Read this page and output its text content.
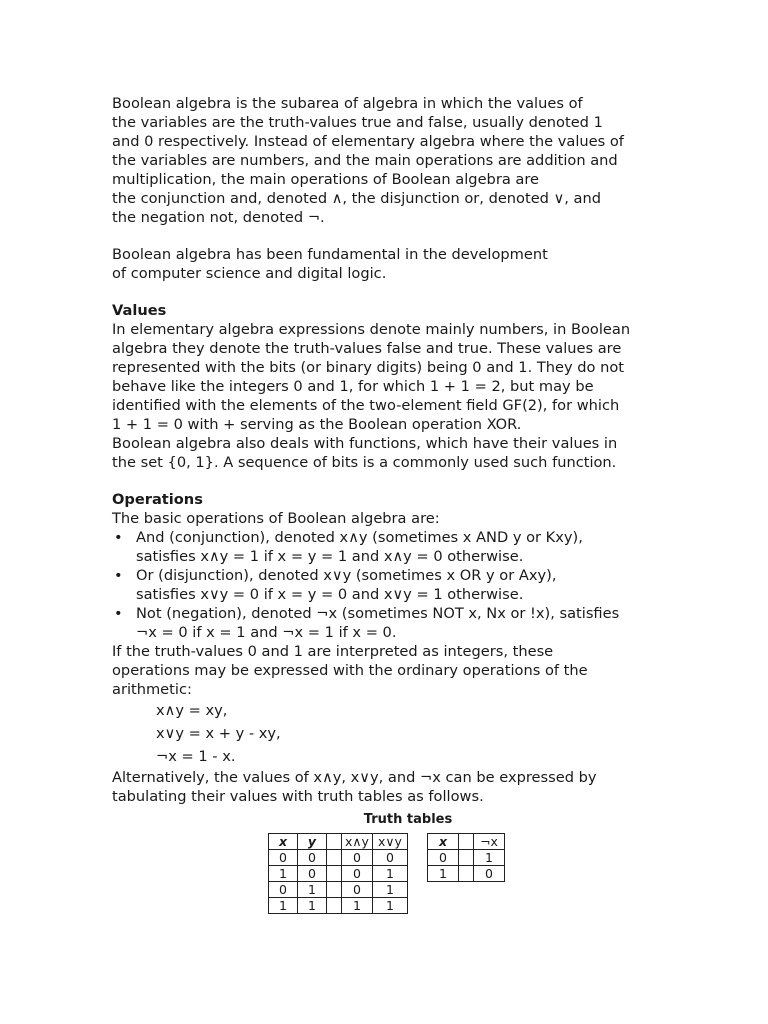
Boolean algebra is the subarea of algebra in which the values of
the variables are the truth-values true and false, usually denoted 1
and 0 respectively. Instead of elementary algebra where the values of
the variables are numbers, and the main operations are addition and
multiplication, the main operations of Boolean algebra are
the conjunction and, denoted ∧, the disjunction or, denoted ∨, and
the negation not, denoted ¬.
Boolean algebra has been fundamental in the development
of computer science and digital logic.
Values
In elementary algebra expressions denote mainly numbers, in Boolean
algebra they denote the truth-values false and true. These values are
represented with the bits (or binary digits) being 0 and 1. They do not
behave like the integers 0 and 1, for which 1 + 1 = 2, but may be
identified with the elements of the two-element field GF(2), for which
1 + 1 = 0 with + serving as the Boolean operation XOR.
Boolean algebra also deals with functions, which have their values in
the set {0, 1}. A sequence of bits is a commonly used such function.
Operations
The basic operations of Boolean algebra are:
• And (conjunction), denoted x∧y (sometimes x AND y or Kxy),
satisfies x∧y = 1 if x = y = 1 and x∧y = 0 otherwise.
• Or (disjunction), denoted x∨y (sometimes x OR y or Axy),
satisfies x∨y = 0 if x = y = 0 and x∨y = 1 otherwise.
• Not (negation), denoted ¬x (sometimes NOT x, Nx or !x), satisfies
¬x = 0 if x = 1 and ¬x = 1 if x = 0.
If the truth-values 0 and 1 are interpreted as integers, these
operations may be expressed with the ordinary operations of the
arithmetic:
x∧y = xy,
x∨y = x + y - xy,
¬x = 1 - x.
Alternatively, the values of x∧y, x∨y, and ¬x can be expressed by
tabulating their values with truth tables as follows.
Truth tables
x	y		x∧y	x∨y
0	0		0	0
1	0		0	1
0	1		0	1
1	1		1	1
x		¬x
0		1
1		0
